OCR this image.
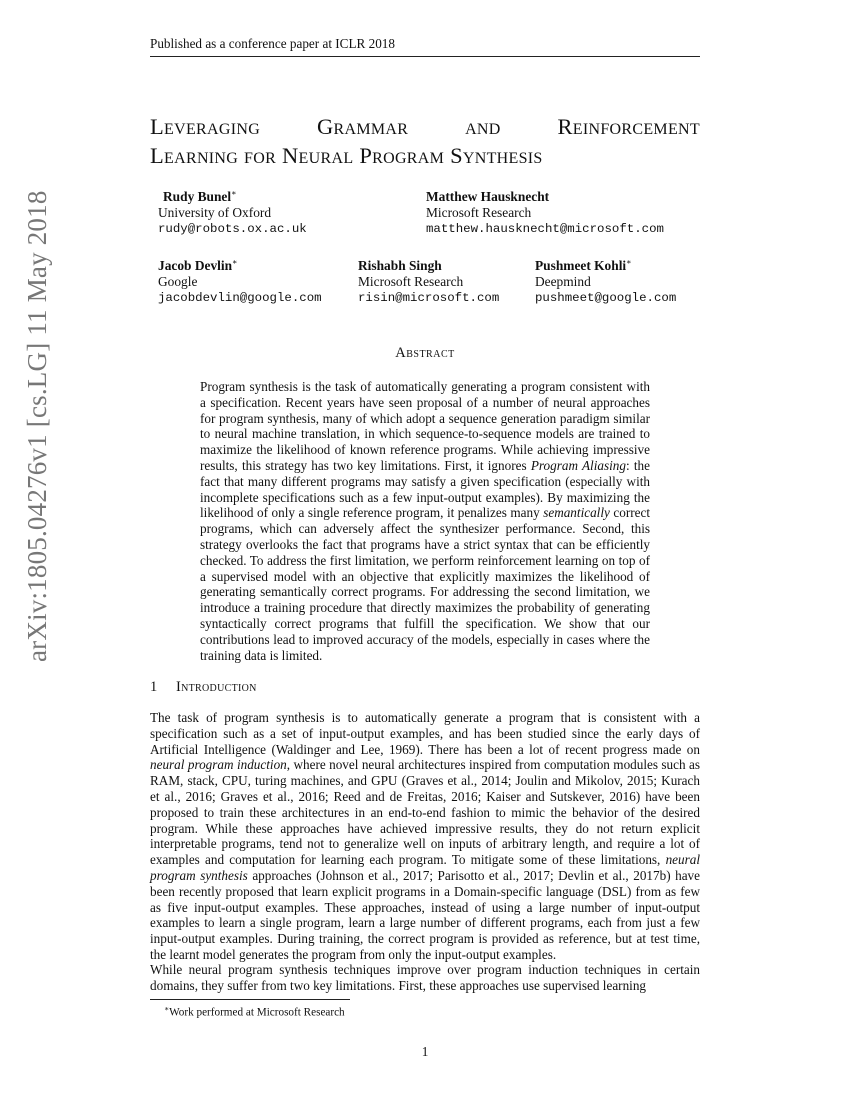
Published as a conference paper at ICLR 2018
arXiv:1805.04276v1 [cs.LG] 11 May 2018
Leveraging	Grammar	and	Reinforcement
Learning for Neural Program Synthesis
Rudy Bunel∗
University of Oxford
rudy@robots.ox.ac.uk
Matthew Hausknecht
Microsoft Research
matthew.hausknecht@microsoft.com
Jacob Devlin∗
Google
jacobdevlin@google.com
Rishabh Singh
Microsoft Research
risin@microsoft.com
Pushmeet Kohli∗
Deepmind
pushmeet@google.com
Abstract

Program synthesis is the task of automatically generating a program consistent with a specification. Recent years have seen proposal of a number of neural approaches for program synthesis, many of which adopt a sequence generation paradigm similar to neural machine translation, in which sequence-to-sequence models are trained to maximize the likelihood of known reference programs. While achieving impressive results, this strategy has two key limitations. First, it ignores Program Aliasing: the fact that many different programs may satisfy a given specification (especially with incomplete specifications such as a few input-output examples). By maximizing the likelihood of only a single reference program, it penalizes many semantically correct programs, which can adversely affect the synthesizer performance. Second, this strategy overlooks the fact that programs have a strict syntax that can be efficiently checked. To address the first limitation, we perform reinforcement learning on top of a supervised model with an objective that explicitly maximizes the likelihood of generating semantically correct programs. For addressing the second limitation, we introduce a training procedure that directly maximizes the probability of generating syntactically correct programs that fulfill the specification. We show that our contributions lead to improved accuracy of the models, especially in cases where the training data is limited.

1 Introduction

The task of program synthesis is to automatically generate a program that is consistent with a specification such as a set of input-output examples, and has been studied since the early days of Artificial Intelligence (Waldinger and Lee, 1969). There has been a lot of recent progress made on neural program induction, where novel neural architectures inspired from computation modules such as RAM, stack, CPU, turing machines, and GPU (Graves et al., 2014; Joulin and Mikolov, 2015; Kurach et al., 2016; Graves et al., 2016; Reed and de Freitas, 2016; Kaiser and Sutskever, 2016) have been proposed to train these architectures in an end-to-end fashion to mimic the behavior of the desired program. While these approaches have achieved impressive results, they do not return explicit interpretable programs, tend not to generalize well on inputs of arbitrary length, and require a lot of examples and computation for learning each program. To mitigate some of these limitations, neural program synthesis approaches (Johnson et al., 2017; Parisotto et al., 2017; Devlin et al., 2017b) have been recently proposed that learn explicit programs in a Domain-specific language (DSL) from as few as five input-output examples. These approaches, instead of using a large number of input-output examples to learn a single program, learn a large number of different programs, each from just a few input-output examples. During training, the correct program is provided as reference, but at test time, the learnt model generates the program from only the input-output examples.

While neural program synthesis techniques improve over program induction techniques in certain domains, they suffer from two key limitations. First, these approaches use supervised learning

∗Work performed at Microsoft Research
1
